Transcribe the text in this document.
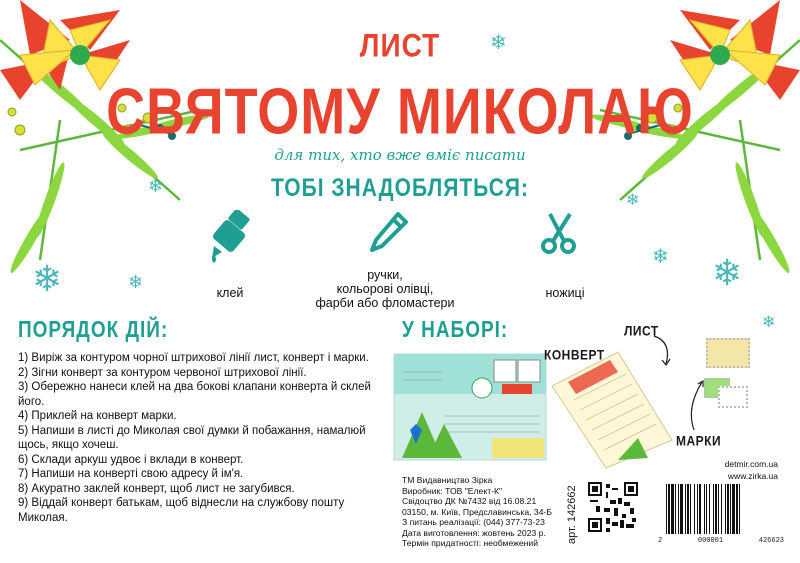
❄
❄
❄	❄
❄ ❄
❄
❄
ЛИСТ
СВЯТОМУ МИКОЛАЮ
для тих, хто вже вміє писати
ТОБІ ЗНАДОБЛЯТЬСЯ:
клей
ручки,
кольорові олівці,
фарби або фломастери
ножиці
ПОРЯДОК ДІЙ:
1) Виріж за контуром чорної штрихової лінії лист, конверт і марки.
2) Зігни конверт за контуром червоної штрихової лінії.
3) Обережно нанеси клей на два бокові клапани конверта й склей
його.
4) Приклей на конверт марки.
5) Напиши в листі до Миколая свої думки й побажання, намалюй
щось, якщо хочеш.
6) Склади аркуш удвоє і вклади в конверт.
7) Напиши на конверті свою адресу й ім'я.
8) Акуратно заклей конверт, щоб лист не загубився.
9) Віддай конверт батькам, щоб віднесли на службову пошту
Миколая.
У НАБОРІ:
КОНВЕРТ
ЛИСТ
МАРКИ
ТМ Видавництво Зірка
Виробник: ТОВ "Елект-К"
Свідоцтво ДК №7432 від 16.08.21
03150, м. Київ, Предславинська, 34-Б
З питань реалізації: (044) 377-73-23
Дата виготовлення: жовтень 2023 р.
Термін придатності: необмежений	арт. 142662
detmir.com.ua
www.zirka.ua
2	000001	426623
